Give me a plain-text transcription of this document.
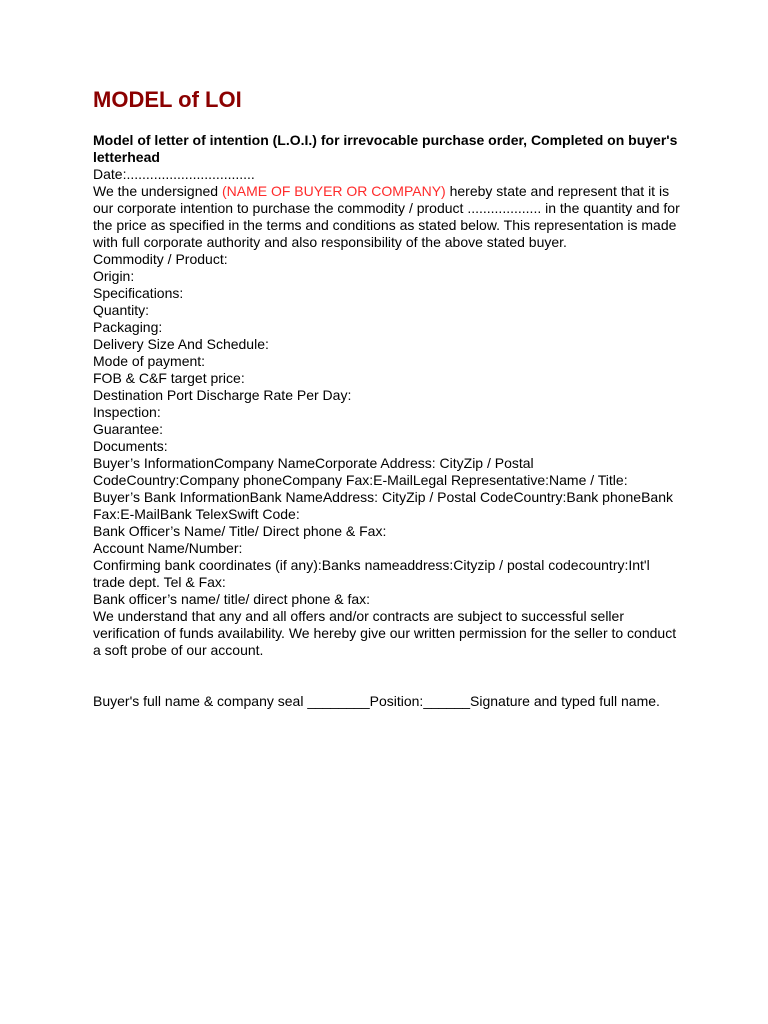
MODEL of LOI

Model of letter of intention (L.O.I.) for irrevocable purchase order, Completed on buyer's letterhead

Date:.................................

We the undersigned (NAME OF BUYER OR COMPANY) hereby state and represent that it is our corporate intention to purchase the commodity / product ................... in the quantity and for the price as specified in the terms and conditions as stated below. This representation is made with full corporate authority and also responsibility of the above stated buyer.

Commodity / Product:

Origin:

Specifications:

Quantity:

Packaging:

Delivery Size And Schedule:

Mode of payment:

FOB & C&F target price:

Destination Port Discharge Rate Per Day:

Inspection:

Guarantee:

Documents:

Buyer’s InformationCompany NameCorporate Address: CityZip / Postal CodeCountry:Company phoneCompany Fax:E-MailLegal Representative:Name / Title:

Buyer’s Bank InformationBank NameAddress: CityZip / Postal CodeCountry:Bank phoneBank Fax:E-MailBank TelexSwift Code:

Bank Officer’s Name/ Title/ Direct phone & Fax:

Account Name/Number:

Confirming bank coordinates (if any):Banks nameaddress:Cityzip / postal codecountry:Int'l trade dept. Tel & Fax:

Bank officer’s name/ title/ direct phone & fax:

We understand that any and all offers and/or contracts are subject to successful seller verification of funds availability. We hereby give our written permission for the seller to conduct a soft probe of our account.

Buyer's full name & company seal ________Position:______Signature and typed full name.
